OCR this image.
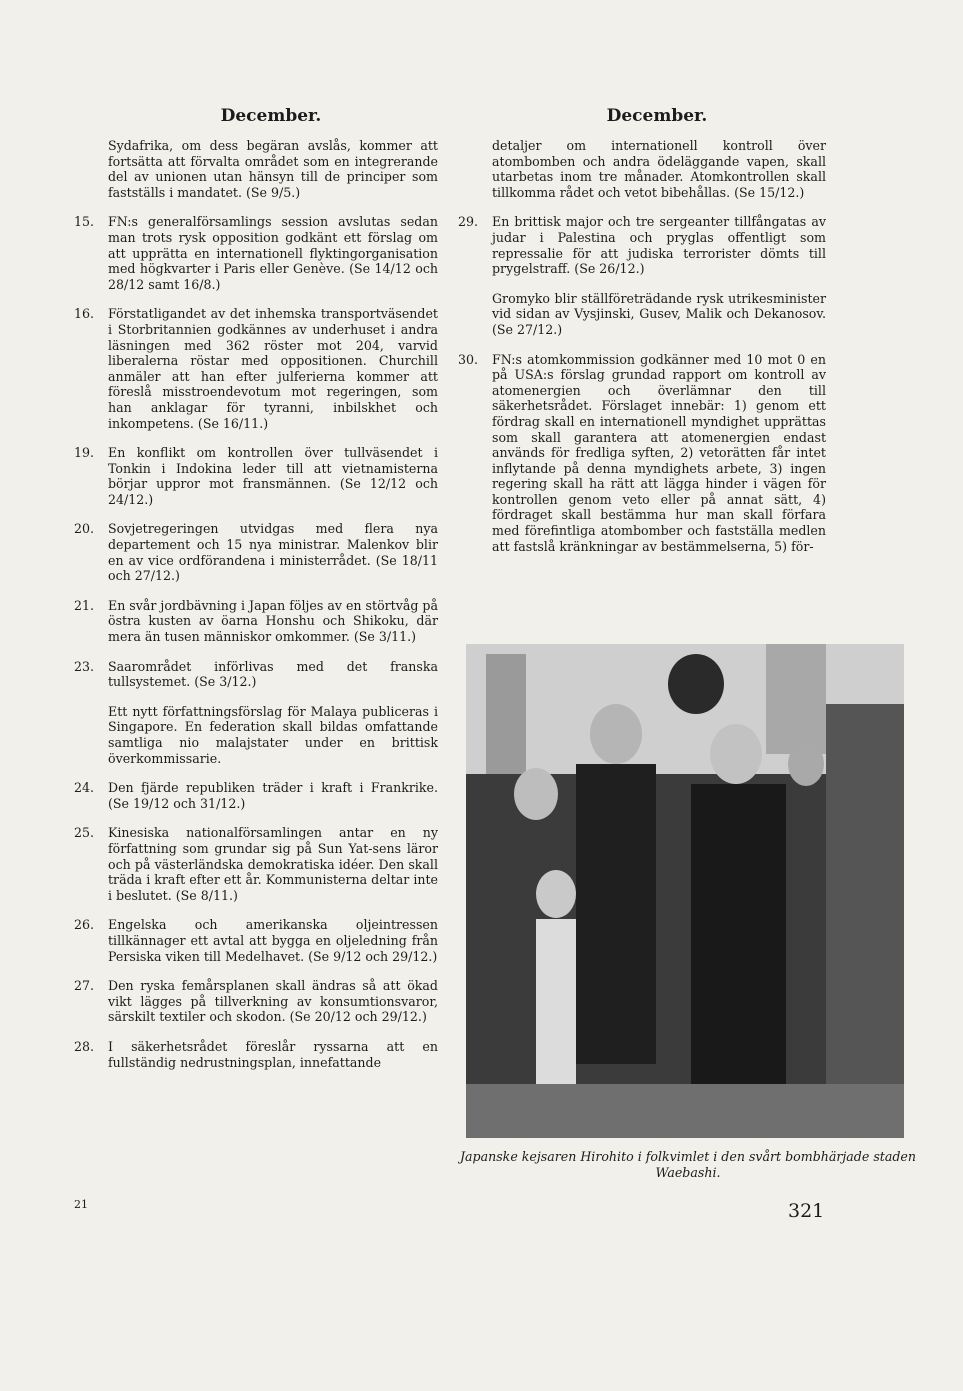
December.
Sydafrika, om dess begäran avslås, kommer att fortsätta att förvalta området som en integrerande del av unionen utan hänsyn till de principer som fastställs i mandatet. (Se 9/5.)
15.	FN:s generalförsamlings session avslutas sedan man trots rysk opposition godkänt ett förslag om att upprätta en internationell flyktingorganisation med högkvarter i Paris eller Genève. (Se 14/12 och 28/12 samt 16/8.)
16.	Förstatligandet av det inhemska transportväsendet i Storbritannien godkännes av underhuset i andra läsningen med 362 röster mot 204, varvid liberalerna röstar med oppositionen. Churchill anmäler att han efter julferierna kommer att föreslå misstroendevotum mot regeringen, som han anklagar för tyranni, inbilskhet och inkompetens. (Se 16/11.)
19.	En konflikt om kontrollen över tullväsendet i Tonkin i Indokina leder till att vietnamisterna börjar uppror mot fransmännen. (Se 12/12 och 24/12.)
20.	Sovjetregeringen utvidgas med flera nya departement och 15 nya ministrar. Malenkov blir en av vice ordförandena i ministerrådet. (Se 18/11 och 27/12.)
21.	En svår jordbävning i Japan följes av en störtvåg på östra kusten av öarna Honshu och Shikoku, där mera än tusen människor omkommer. (Se 3/11.)
23.	Saarområdet införlivas med det franska tullsystemet. (Se 3/12.)
Ett nytt författningsförslag för Malaya publiceras i Singapore. En federation skall bildas omfattande samtliga nio malajstater under en brittisk överkommissarie.
24.	Den fjärde republiken träder i kraft i Frankrike. (Se 19/12 och 31/12.)
25.	Kinesiska nationalförsamlingen antar en ny författning som grundar sig på Sun Yat-sens läror och på västerländska demokratiska idéer. Den skall träda i kraft efter ett år. Kommunisterna deltar inte i beslutet. (Se 8/11.)
26.	Engelska och amerikanska oljeintressen tillkännager ett avtal att bygga en oljeledning från Persiska viken till Medelhavet. (Se 9/12 och 29/12.)
27.	Den ryska femårsplanen skall ändras så att ökad vikt lägges på tillverkning av konsumtionsvaror, särskilt textiler och skodon. (Se 20/12 och 29/12.)
28.	I säkerhetsrådet föreslår ryssarna att en fullständig nedrustningsplan, innefattande
December.
detaljer om internationell kontroll över atombomben och andra ödeläggande vapen, skall utarbetas inom tre månader. Atomkontrollen skall tillkomma rådet och vetot bibehållas. (Se 15/12.)
29.	En brittisk major och tre sergeanter tillfångatas av judar i Palestina och pryglas offentligt som repressalie för att judiska terrorister dömts till prygelstraff. (Se 26/12.)
Gromyko blir ställföreträdande rysk utrikesminister vid sidan av Vysjinski, Gusev, Malik och Dekanosov. (Se 27/12.)
30.	FN:s atomkommission godkänner med 10 mot 0 en på USA:s förslag grundad rapport om kontroll av atomenergien och överlämnar den till säkerhetsrådet. Förslaget innebär: 1) genom ett fördrag skall en internationell myndighet upprättas som skall garantera att atomenergien endast används för fredliga syften, 2) vetorätten får intet inflytande på denna myndighets arbete, 3) ingen regering skall ha rätt att lägga hinder i vägen för kontrollen genom veto eller på annat sätt, 4) fördraget skall bestämma hur man skall förfara med förefintliga atombomber och fastställa medlen att fastslå kränkningar av bestämmelserna, 5) för-
Japanske kejsaren Hirohito i folkvimlet i den svårt bombhärjade staden Waebashi.
21	321
